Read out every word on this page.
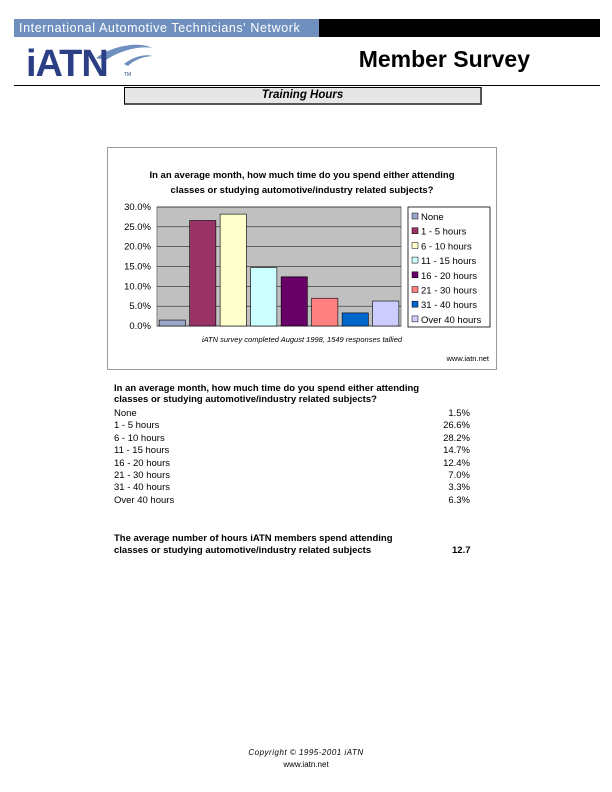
International Automotive Technicians' Network
iATN	TM
Member Survey
Training Hours
In an average month, how much time do you spend either attending
classes or studying automotive/industry related subjects?
0.0%
5.0%
10.0%
15.0%
20.0%
25.0%
30.0%
None
1 - 5 hours
6 - 10 hours
11 - 15 hours
16 - 20 hours
21 - 30 hours
31 - 40 hours
Over 40 hours
iATN survey completed August 1998, 1549 responses tallied
www.iatn.net
In an average month, how much time do you spend either attending
classes or studying automotive/industry related subjects?
None	1.5%
1 - 5 hours	26.6%
6 - 10 hours	28.2%
11 - 15 hours	14.7%
16 - 20 hours	12.4%
21 - 30 hours	7.0%
31 - 40 hours	3.3%
Over 40 hours	6.3%
The average number of hours iATN members spend attending
classes or studying automotive/industry related subjects	12.7
Copyright © 1995-2001 iATN
www.iatn.net
